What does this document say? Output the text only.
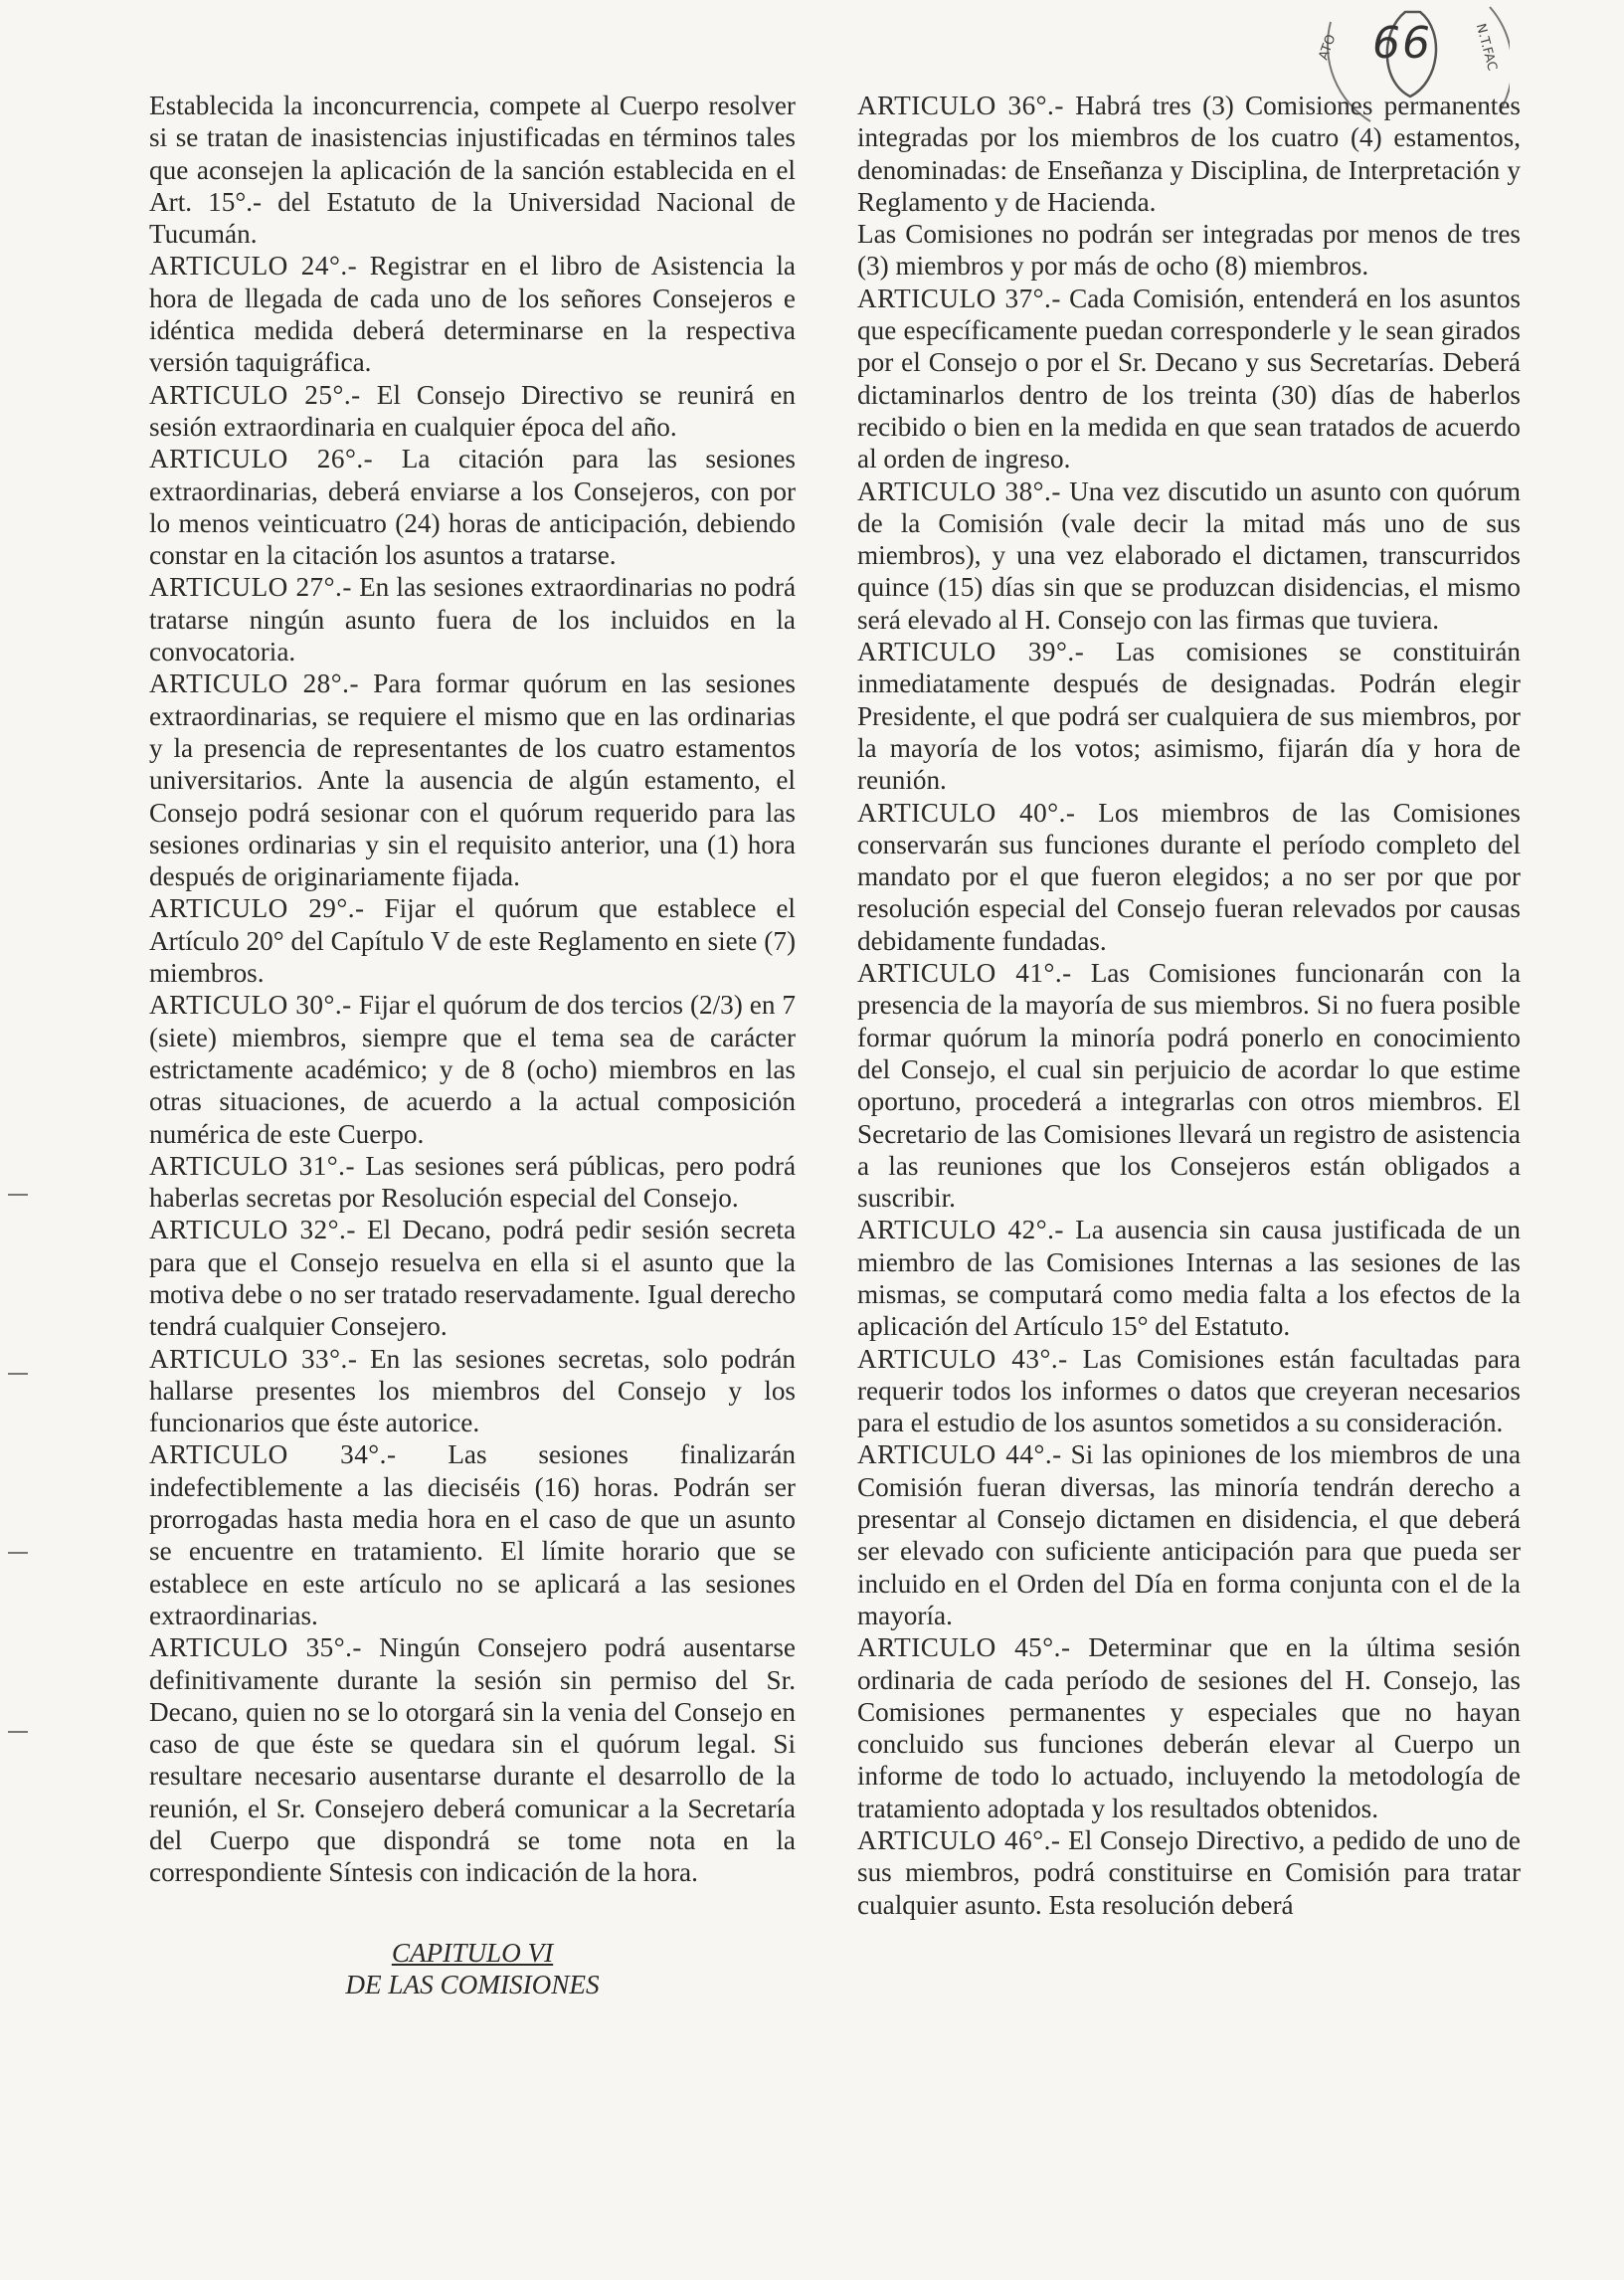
66
ATO	N.T.FAC

Establecida la inconcurrencia, compete al Cuerpo resolver si se tratan de inasistencias injustificadas en términos tales que aconsejen la aplicación de la sanción establecida en el Art. 15°.- del Estatuto de la Universidad Nacional de Tucumán.

ARTICULO 24°.- Registrar en el libro de Asistencia la hora de llegada de cada uno de los señores Consejeros e idéntica medida deberá determinarse en la respectiva versión taquigráfica.

ARTICULO 25°.- El Consejo Directivo se reunirá en sesión extraordinaria en cualquier época del año.

ARTICULO 26°.- La citación para las sesiones extraordinarias, deberá enviarse a los Consejeros, con por lo menos veinticuatro (24) horas de anticipación, debiendo constar en la citación los asuntos a tratarse.

ARTICULO 27°.- En las sesiones extraordinarias no podrá tratarse ningún asunto fuera de los incluidos en la convocatoria.

ARTICULO 28°.- Para formar quórum en las sesiones extraordinarias, se requiere el mismo que en las ordinarias y la presencia de representantes de los cuatro estamentos universitarios. Ante la ausencia de algún estamento, el Consejo podrá sesionar con el quórum requerido para las sesiones ordinarias y sin el requisito anterior, una (1) hora después de originariamente fijada.

ARTICULO 29°.- Fijar el quórum que establece el Artículo 20° del Capítulo V de este Reglamento en siete (7) miembros.

ARTICULO 30°.- Fijar el quórum de dos tercios (2/3) en 7 (siete) miembros, siempre que el tema sea de carácter estrictamente académico; y de 8 (ocho) miembros en las otras situaciones, de acuerdo a la actual composición numérica de este Cuerpo.

ARTICULO 31°.- Las sesiones será públicas, pero podrá haberlas secretas por Resolución especial del Consejo.

ARTICULO 32°.- El Decano, podrá pedir sesión secreta para que el Consejo resuelva en ella si el asunto que la motiva debe o no ser tratado reservadamente. Igual derecho tendrá cualquier Consejero.

ARTICULO 33°.- En las sesiones secretas, solo podrán hallarse presentes los miembros del Consejo y los funcionarios que éste autorice.

ARTICULO 34°.- Las sesiones finalizarán indefectiblemente a las dieciséis (16) horas. Podrán ser prorrogadas hasta media hora en el caso de que un asunto se encuentre en tratamiento. El límite horario que se establece en este artículo no se aplicará a las sesiones extraordinarias.

ARTICULO 35°.- Ningún Consejero podrá ausentarse definitivamente durante la sesión sin permiso del Sr. Decano, quien no se lo otorgará sin la venia del Consejo en caso de que éste se quedara sin el quórum legal. Si resultare necesario ausentarse durante el desarrollo de la reunión, el Sr. Consejero deberá comunicar a la Secretaría del Cuerpo que dispondrá se tome nota en la correspondiente Síntesis con indicación de la hora.

CAPITULO VI
DE LAS COMISIONES

ARTICULO 36°.- Habrá tres (3) Comisiones permanentes integradas por los miembros de los cuatro (4) estamentos, denominadas: de Enseñanza y Disciplina, de Interpretación y Reglamento y de Hacienda.

Las Comisiones no podrán ser integradas por menos de tres (3) miembros y por más de ocho (8) miembros.

ARTICULO 37°.- Cada Comisión, entenderá en los asuntos que específicamente puedan corresponderle y le sean girados por el Consejo o por el Sr. Decano y sus Secretarías. Deberá dictaminarlos dentro de los treinta (30) días de haberlos recibido o bien en la medida en que sean tratados de acuerdo al orden de ingreso.

ARTICULO 38°.- Una vez discutido un asunto con quórum de la Comisión (vale decir la mitad más uno de sus miembros), y una vez elaborado el dictamen, transcurridos quince (15) días sin que se produzcan disidencias, el mismo será elevado al H. Consejo con las firmas que tuviera.

ARTICULO 39°.- Las comisiones se constituirán inmediatamente después de designadas. Podrán elegir Presidente, el que podrá ser cualquiera de sus miembros, por la mayoría de los votos; asimismo, fijarán día y hora de reunión.

ARTICULO 40°.- Los miembros de las Comisiones conservarán sus funciones durante el período completo del mandato por el que fueron elegidos; a no ser por que por resolución especial del Consejo fueran relevados por causas debidamente fundadas.

ARTICULO 41°.- Las Comisiones funcionarán con la presencia de la mayoría de sus miembros. Si no fuera posible formar quórum la minoría podrá ponerlo en conocimiento del Consejo, el cual sin perjuicio de acordar lo que estime oportuno, procederá a integrarlas con otros miembros. El Secretario de las Comisiones llevará un registro de asistencia a las reuniones que los Consejeros están obligados a suscribir.

ARTICULO 42°.- La ausencia sin causa justificada de un miembro de las Comisiones Internas a las sesiones de las mismas, se computará como media falta a los efectos de la aplicación del Artículo 15° del Estatuto.

ARTICULO 43°.- Las Comisiones están facultadas para requerir todos los informes o datos que creyeran necesarios para el estudio de los asuntos sometidos a su consideración.

ARTICULO 44°.- Si las opiniones de los miembros de una Comisión fueran diversas, las minoría tendrán derecho a presentar al Consejo dictamen en disidencia, el que deberá ser elevado con suficiente anticipación para que pueda ser incluido en el Orden del Día en forma conjunta con el de la mayoría.

ARTICULO 45°.- Determinar que en la última sesión ordinaria de cada período de sesiones del H. Consejo, las Comisiones permanentes y especiales que no hayan concluido sus funciones deberán elevar al Cuerpo un informe de todo lo actuado, incluyendo la metodología de tratamiento adoptada y los resultados obtenidos.

ARTICULO 46°.- El Consejo Directivo, a pedido de uno de sus miembros, podrá constituirse en Comisión para tratar cualquier asunto. Esta resolución deberá
